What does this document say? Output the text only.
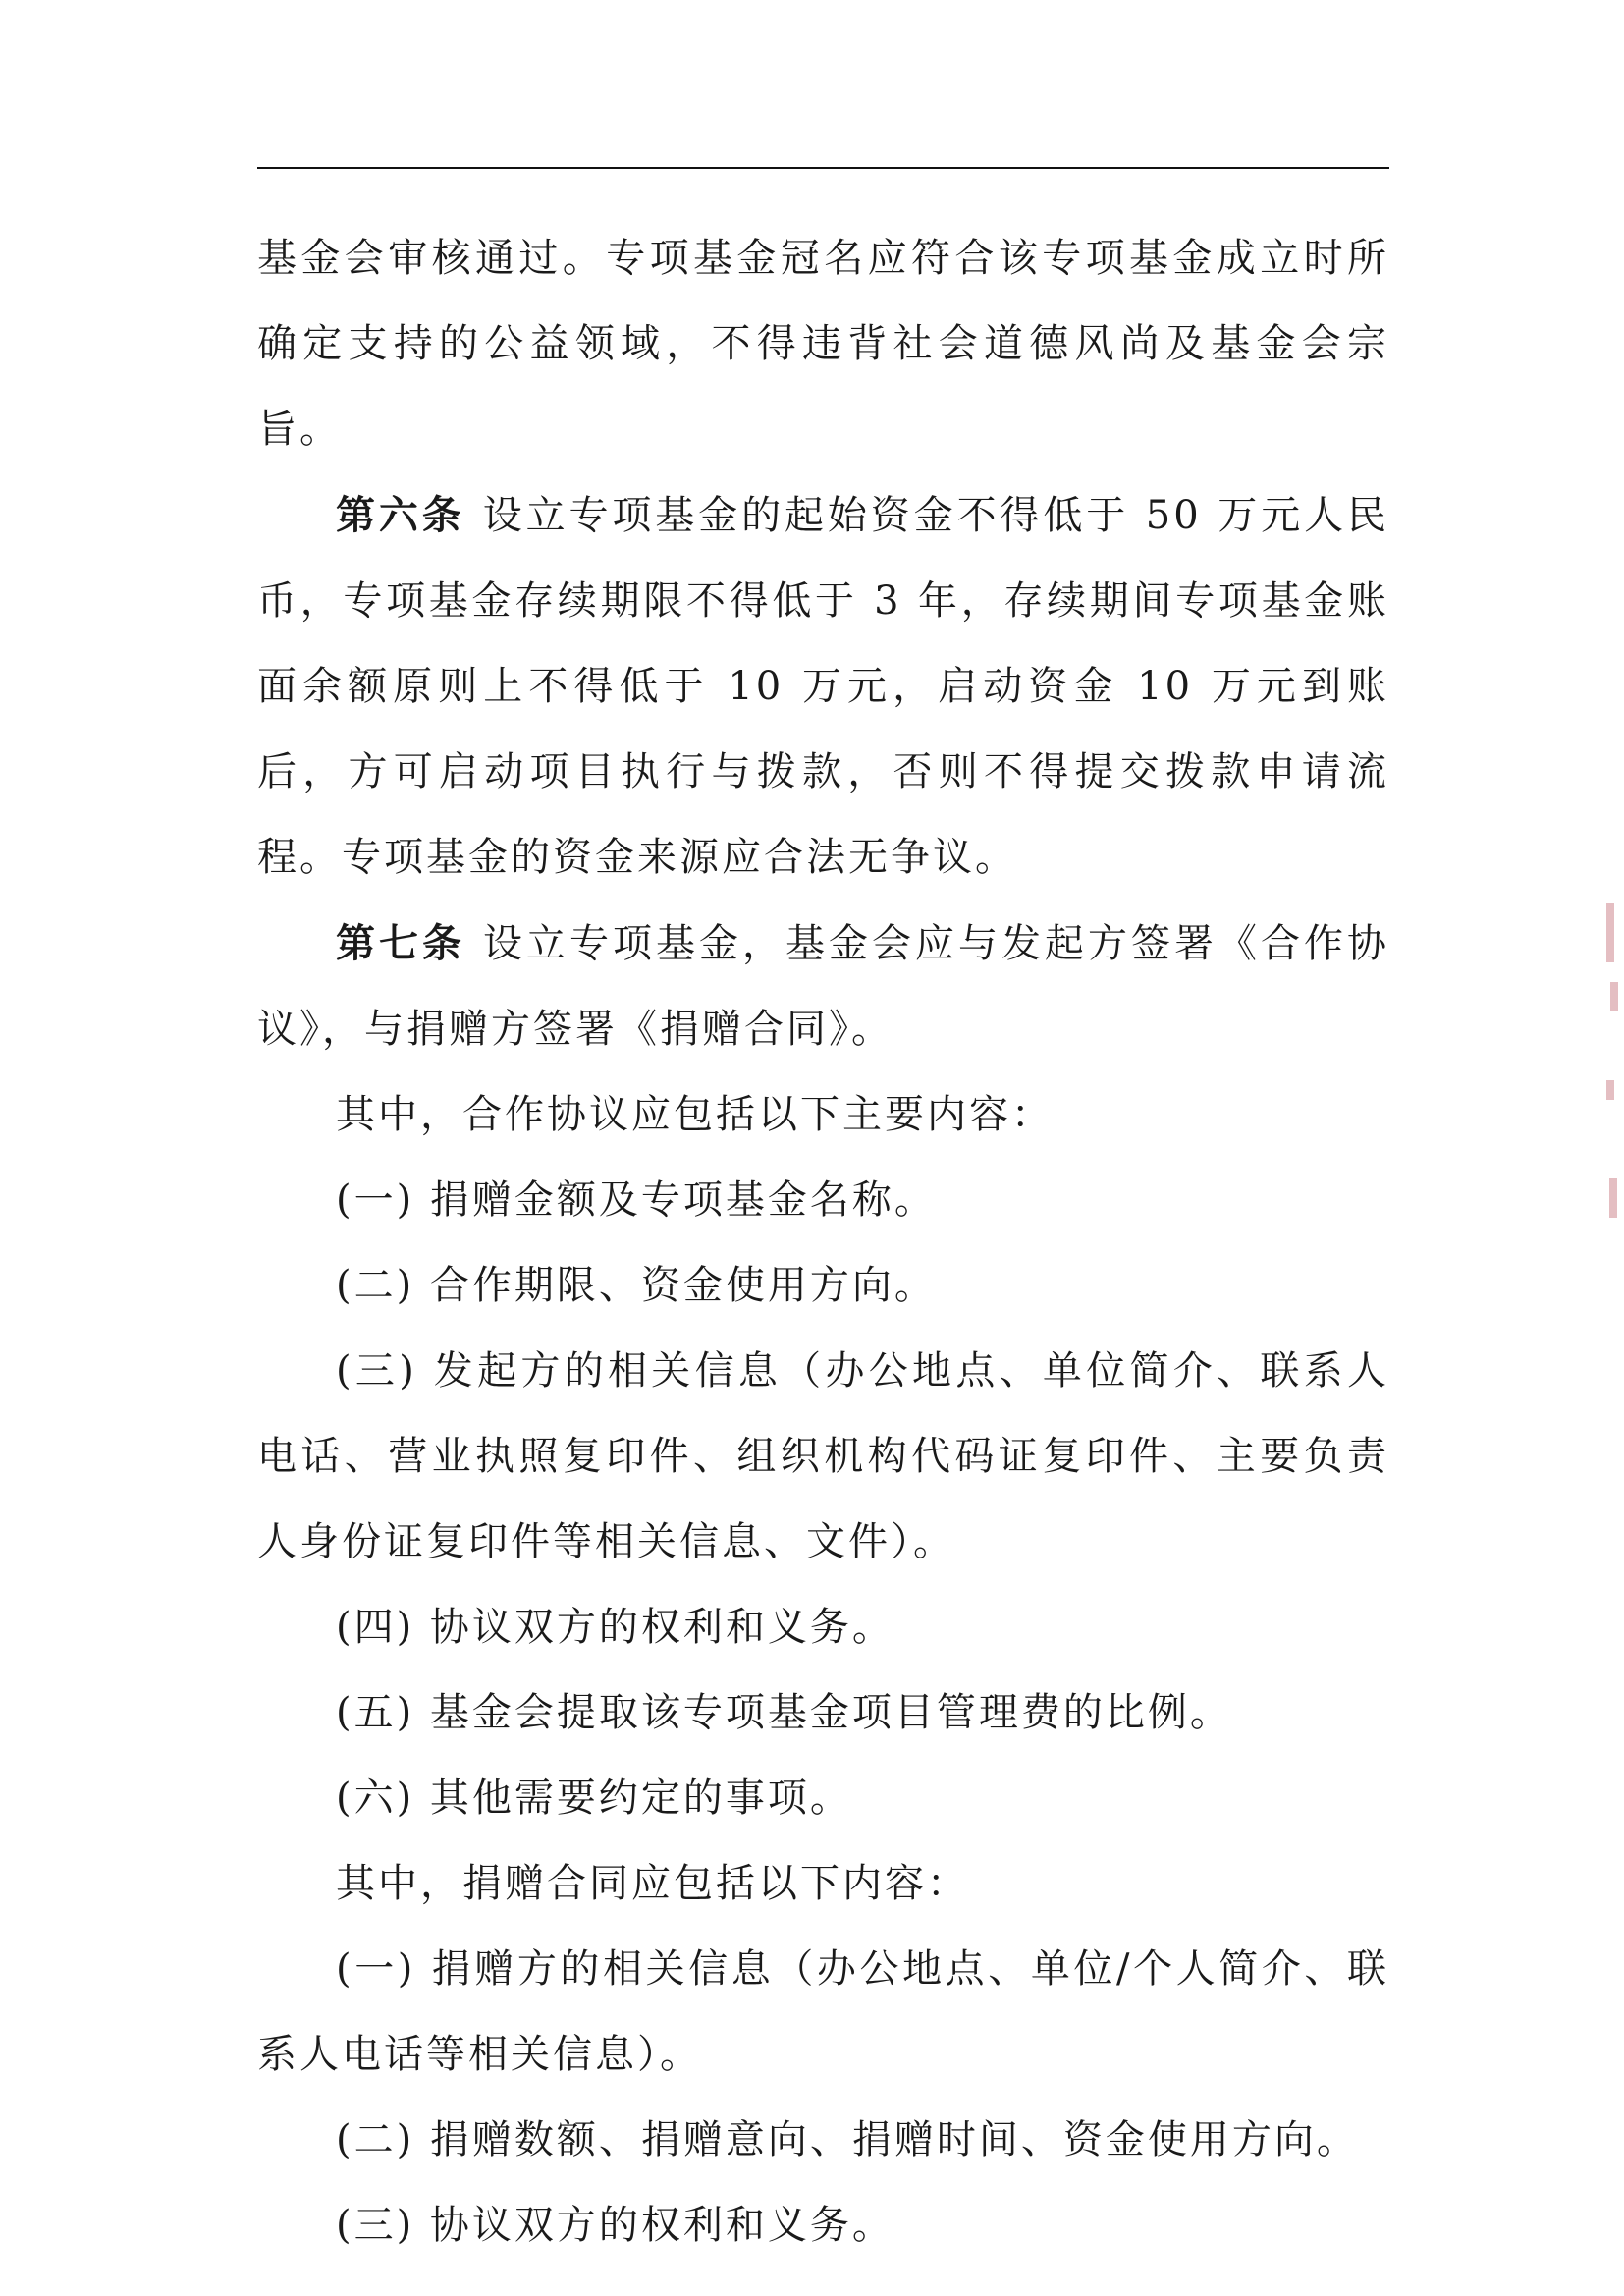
基金会审核通过。专项基金冠名应符合该专项基金成立时所确定支持的公益领域，不得违背社会道德风尚及基金会宗旨。

第六条 设立专项基金的起始资金不得低于 50 万元人民币，专项基金存续期限不得低于 3 年，存续期间专项基金账面余额原则上不得低于 10 万元，启动资金 10 万元到账后，方可启动项目执行与拨款，否则不得提交拨款申请流程。专项基金的资金来源应合法无争议。

第七条 设立专项基金，基金会应与发起方签署《合作协议》，与捐赠方签署《捐赠合同》。

其中，合作协议应包括以下主要内容：

(一) 捐赠金额及专项基金名称。

(二) 合作期限、资金使用方向。

(三) 发起方的相关信息（办公地点、单位简介、联系人电话、营业执照复印件、组织机构代码证复印件、主要负责人身份证复印件等相关信息、文件）。

(四) 协议双方的权利和义务。

(五) 基金会提取该专项基金项目管理费的比例。

(六) 其他需要约定的事项。

其中，捐赠合同应包括以下内容：

(一) 捐赠方的相关信息（办公地点、单位/个人简介、联系人电话等相关信息）。

(二) 捐赠数额、捐赠意向、捐赠时间、资金使用方向。

(三) 协议双方的权利和义务。
